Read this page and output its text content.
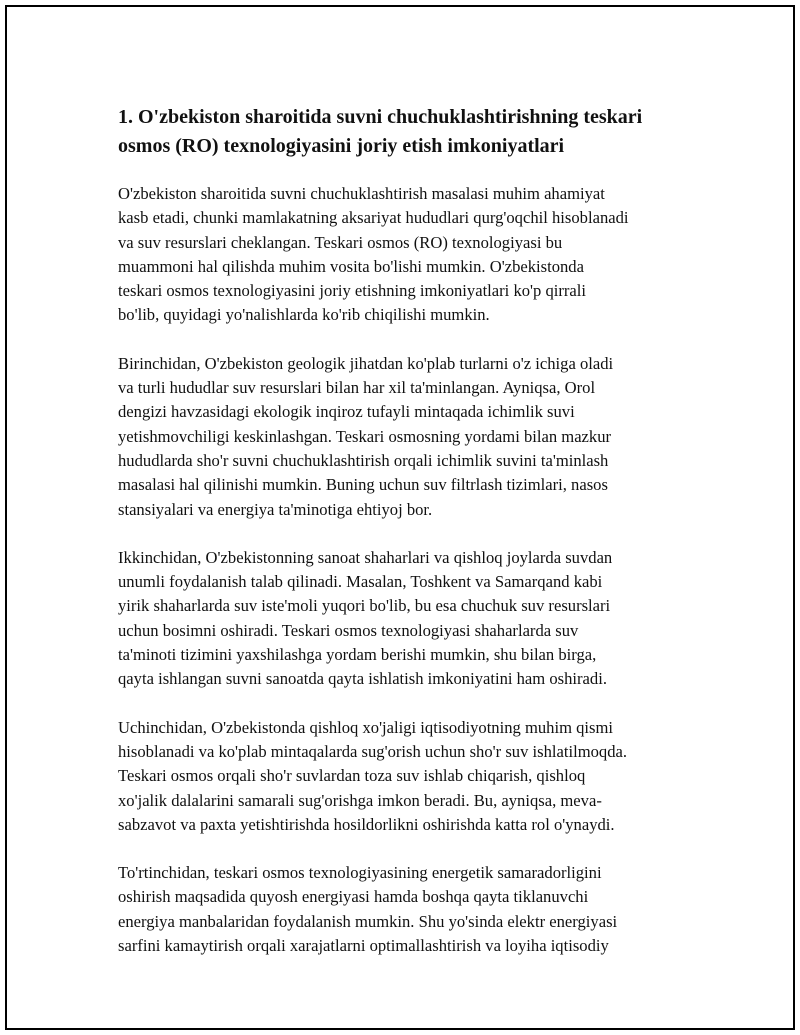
1. O'zbekiston sharoitida suvni chuchuklashtirishning teskari
osmos (RO) texnologiyasini joriy etish imkoniyatlari

O'zbekiston sharoitida suvni chuchuklashtirish masalasi muhim ahamiyat
kasb etadi, chunki mamlakatning aksariyat hududlari qurg'oqchil hisoblanadi
va suv resurslari cheklangan. Teskari osmos (RO) texnologiyasi bu
muammoni hal qilishda muhim vosita bo'lishi mumkin. O'zbekistonda
teskari osmos texnologiyasini joriy etishning imkoniyatlari ko'p qirrali
bo'lib, quyidagi yo'nalishlarda ko'rib chiqilishi mumkin.

Birinchidan, O'zbekiston geologik jihatdan ko'plab turlarni o'z ichiga oladi
va turli hududlar suv resurslari bilan har xil ta'minlangan. Ayniqsa, Orol
dengizi havzasidagi ekologik inqiroz tufayli mintaqada ichimlik suvi
yetishmovchiligi keskinlashgan. Teskari osmosning yordami bilan mazkur
hududlarda sho'r suvni chuchuklashtirish orqali ichimlik suvini ta'minlash
masalasi hal qilinishi mumkin. Buning uchun suv filtrlash tizimlari, nasos
stansiyalari va energiya ta'minotiga ehtiyoj bor.

Ikkinchidan, O'zbekistonning sanoat shaharlari va qishloq joylarda suvdan
unumli foydalanish talab qilinadi. Masalan, Toshkent va Samarqand kabi
yirik shaharlarda suv iste'moli yuqori bo'lib, bu esa chuchuk suv resurslari
uchun bosimni oshiradi. Teskari osmos texnologiyasi shaharlarda suv
ta'minoti tizimini yaxshilashga yordam berishi mumkin, shu bilan birga,
qayta ishlangan suvni sanoatda qayta ishlatish imkoniyatini ham oshiradi.

Uchinchidan, O'zbekistonda qishloq xo'jaligi iqtisodiyotning muhim qismi
hisoblanadi va ko'plab mintaqalarda sug'orish uchun sho'r suv ishlatilmoqda.
Teskari osmos orqali sho'r suvlardan toza suv ishlab chiqarish, qishloq
xo'jalik dalalarini samarali sug'orishga imkon beradi. Bu, ayniqsa, meva-
sabzavot va paxta yetishtirishda hosildorlikni oshirishda katta rol o'ynaydi.

To'rtinchidan, teskari osmos texnologiyasining energetik samaradorligini
oshirish maqsadida quyosh energiyasi hamda boshqa qayta tiklanuvchi
energiya manbalaridan foydalanish mumkin. Shu yo'sinda elektr energiyasi
sarfini kamaytirish orqali xarajatlarni optimallashtirish va loyiha iqtisodiy
